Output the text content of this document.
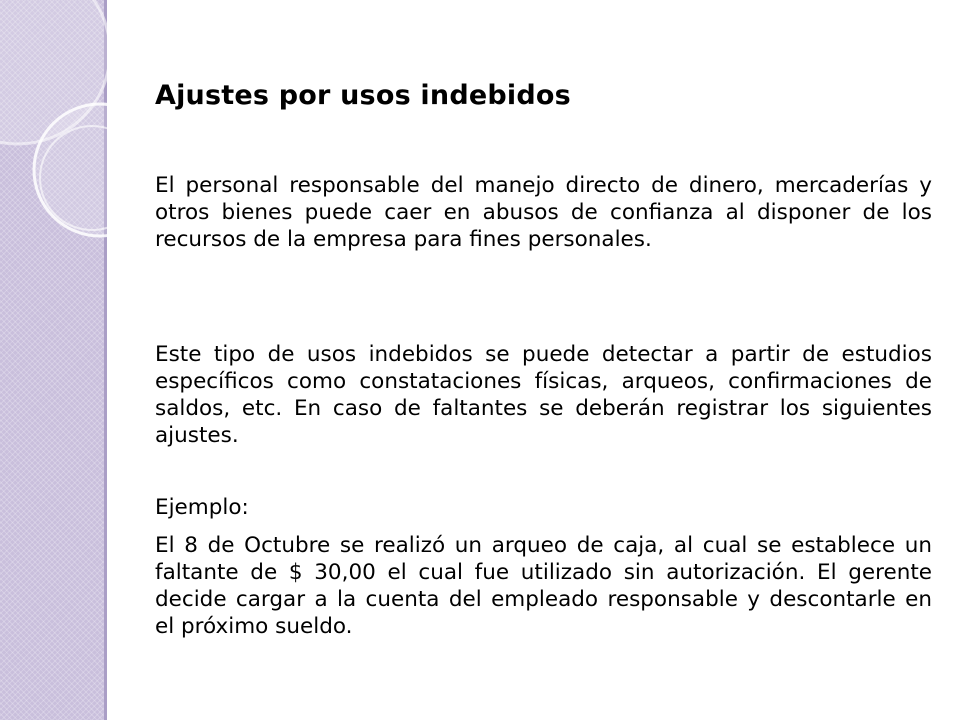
Ajustes por usos indebidos

El personal responsable del manejo directo de dinero, mercaderías y otros bienes puede caer en abusos de confianza al disponer de los recursos de la empresa para fines personales.

Este tipo de usos indebidos se puede detectar a partir de estudios específicos como constataciones físicas, arqueos, confirmaciones de saldos, etc. En caso de faltantes se deberán registrar los siguientes ajustes.

Ejemplo:

El 8 de Octubre se realizó un arqueo de caja, al cual se establece un faltante de $ 30,00 el cual fue utilizado sin autorización. El gerente decide cargar a la cuenta del empleado responsable y descontarle en el próximo sueldo.
